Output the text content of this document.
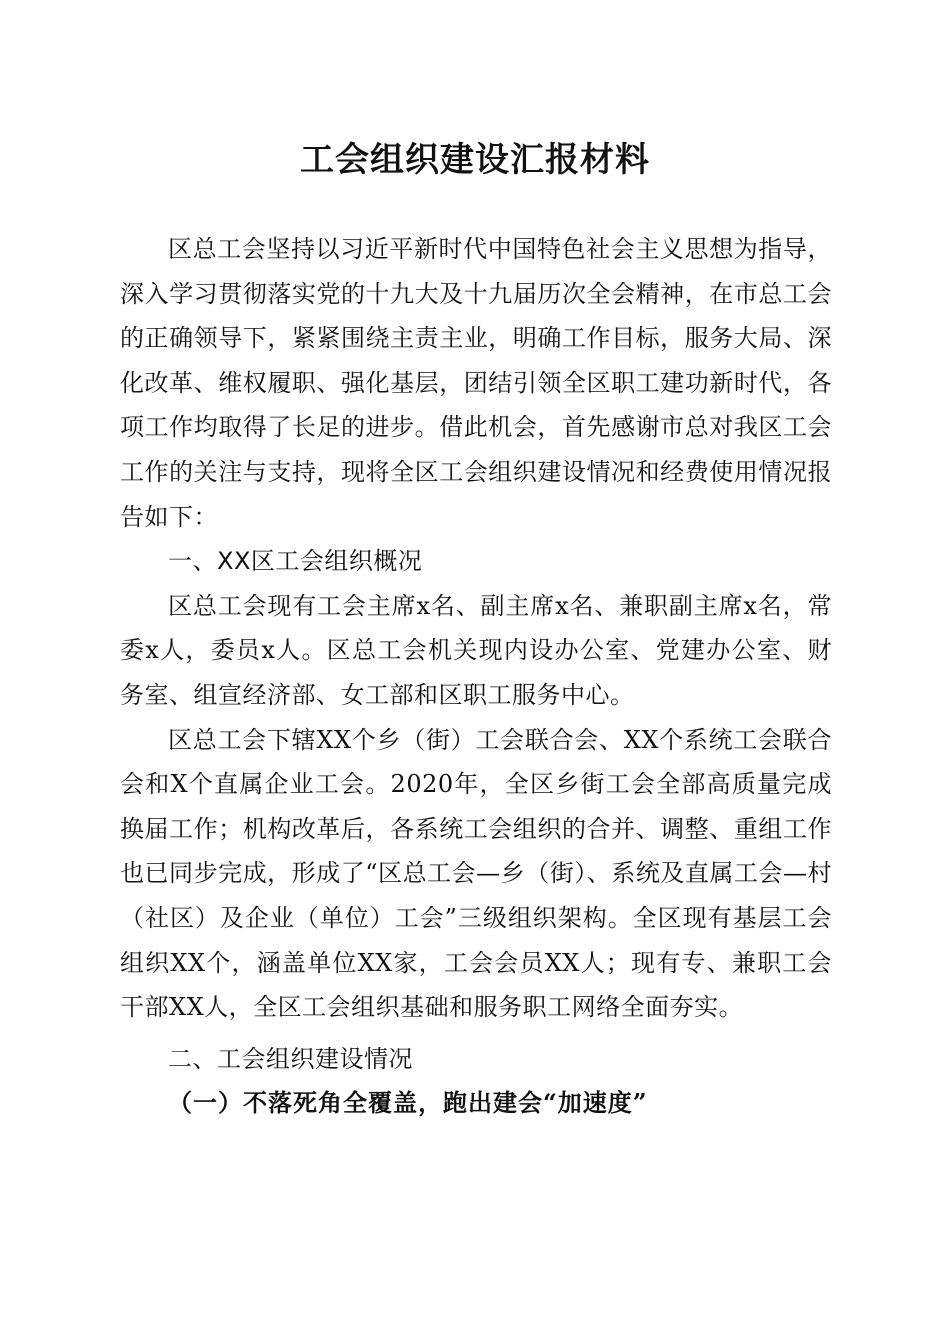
工会组织建设汇报材料

区总工会坚持以习近平新时代中国特色社会主义思想为指导，深入学习贯彻落实党的十九大及十九届历次全会精神，在市总工会的正确领导下，紧紧围绕主责主业，明确工作目标，服务大局、深化改革、维权履职、强化基层，团结引领全区职工建功新时代，各项工作均取得了长足的进步。借此机会，首先感谢市总对我区工会工作的关注与支持，现将全区工会组织建设情况和经费使用情况报告如下：

一、XX区工会组织概况

区总工会现有工会主席x名、副主席x名、兼职副主席x名，常委x人，委员x人。区总工会机关现内设办公室、党建办公室、财务室、组宣经济部、女工部和区职工服务中心。

区总工会下辖XX个乡（街）工会联合会、XX个系统工会联合会和X个直属企业工会。2020年，全区乡街工会全部高质量完成换届工作；机构改革后，各系统工会组织的合并、调整、重组工作也已同步完成，形成了“区总工会—乡（街）、系统及直属工会—村（社区）及企业（单位）工会”三级组织架构。全区现有基层工会组织XX个，涵盖单位XX家，工会会员XX人；现有专、兼职工会干部XX人，全区工会组织基础和服务职工网络全面夯实。

二、工会组织建设情况

（一）不落死角全覆盖，跑出建会“加速度”
